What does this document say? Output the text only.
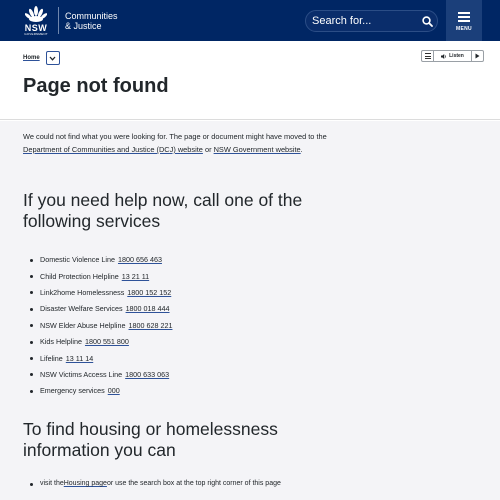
NSW
GOVERNMENT
Communities
& Justice	Search for...
MENU
Home	Listen
Page not found

We could not find what you were looking for. The page or document might have moved to the Department of Communities and Justice (DCJ) website or NSW Government website.

If you need help now, call one of the following services
Domestic Violence Line 1800 656 463
Child Protection Helpline 13 21 11
Link2home Homelessness 1800 152 152
Disaster Welfare Services 1800 018 444
NSW Elder Abuse Helpline 1800 628 221
Kids Helpline 1800 551 800
Lifeline 13 11 14
NSW Victims Access Line 1800 633 063
Emergency services 000
To find housing or homelessness information you can
visit the Housing page or use the search box at the top right corner of this page
